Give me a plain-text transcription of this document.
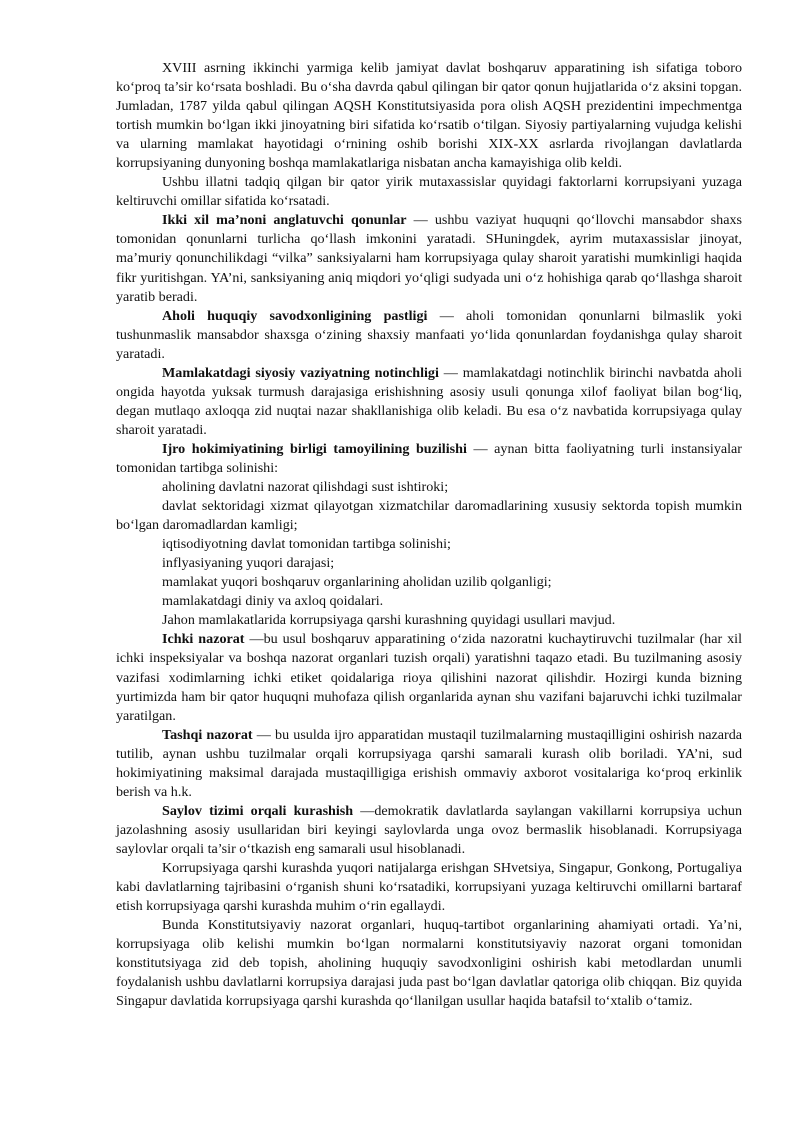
XVIII asrning ikkinchi yarmiga kelib jamiyat davlat boshqaruv apparatining ish sifatiga toboro ko‘proq ta’sir ko‘rsata boshladi. Bu o‘sha davrda qabul qilingan bir qator qonun hujjatlarida o‘z aksini topgan. Jumladan, 1787 yilda qabul qilingan AQSH Konstitutsiyasida pora olish AQSH prezidentini impechmentga tortish mumkin bo‘lgan ikki jinoyatning biri sifatida ko‘rsatib o‘tilgan. Siyosiy partiyalarning vujudga kelishi va ularning mamlakat hayotidagi o‘rnining oshib borishi XIX-XX asrlarda rivojlangan davlatlarda korrupsiyaning dunyoning boshqa mamlakatlariga nisbatan ancha kamayishiga olib keldi.

Ushbu illatni tadqiq qilgan bir qator yirik mutaxassislar quyidagi faktorlarni korrupsiyani yuzaga keltiruvchi omillar sifatida ko‘rsatadi.

Ikki xil ma’noni anglatuvchi qonunlar — ushbu vaziyat huquqni qo‘llovchi mansabdor shaxs tomonidan qonunlarni turlicha qo‘llash imkonini yaratadi. SHuningdek, ayrim mutaxassislar jinoyat, ma’muriy qonunchilikdagi “vilka” sanksiyalarni ham korrupsiyaga qulay sharoit yaratishi mumkinligi haqida fikr yuritishgan. YA’ni, sanksiyaning aniq miqdori yo‘qligi sudyada uni o‘z hohishiga qarab qo‘llashga sharoit yaratib beradi.

Aholi huquqiy savodxonligining pastligi — aholi tomonidan qonunlarni bilmaslik yoki tushunmaslik mansabdor shaxsga o‘zining shaxsiy manfaati yo‘lida qonunlardan foydanishga qulay sharoit yaratadi.

Mamlakatdagi siyosiy vaziyatning notinchligi — mamlakatdagi notinchlik birinchi navbatda aholi ongida hayotda yuksak turmush darajasiga erishishning asosiy usuli qonunga xilof faoliyat bilan bog‘liq, degan mutlaqo axloqqa zid nuqtai nazar shakllanishiga olib keladi. Bu esa o‘z navbatida korrupsiyaga qulay sharoit yaratadi.

Ijro hokimiyatining birligi tamoyilining buzilishi — aynan bitta faoliyatning turli instansiyalar tomonidan tartibga solinishi:

aholining davlatni nazorat qilishdagi sust ishtiroki;

davlat sektoridagi xizmat qilayotgan xizmatchilar daromadlarining xususiy sektorda topish mumkin bo‘lgan daromadlardan kamligi;

iqtisodiyotning davlat tomonidan tartibga solinishi;

inflyasiyaning yuqori darajasi;

mamlakat yuqori boshqaruv organlarining aholidan uzilib qolganligi;

mamlakatdagi diniy va axloq qoidalari.

Jahon mamlakatlarida korrupsiyaga qarshi kurashning quyidagi usullari mavjud.

Ichki nazorat —bu usul boshqaruv apparatining o‘zida nazoratni kuchaytiruvchi tuzilmalar (har xil ichki inspeksiyalar va boshqa nazorat organlari tuzish orqali) yaratishni taqazo etadi. Bu tuzilmaning asosiy vazifasi xodimlarning ichki etiket qoidalariga rioya qilishini nazorat qilishdir. Hozirgi kunda bizning yurtimizda ham bir qator huquqni muhofaza qilish organlarida aynan shu vazifani bajaruvchi ichki tuzilmalar yaratilgan.

Tashqi nazorat — bu usulda ijro apparatidan mustaqil tuzilmalarning mustaqilligini oshirish nazarda tutilib, aynan ushbu tuzilmalar orqali korrupsiyaga qarshi samarali kurash olib boriladi. YA’ni, sud hokimiyatining maksimal darajada mustaqilligiga erishish ommaviy axborot vositalariga ko‘proq erkinlik berish va h.k.

Saylov tizimi orqali kurashish —demokratik davlatlarda saylangan vakillarni korrupsiya uchun jazolashning asosiy usullaridan biri keyingi saylovlarda unga ovoz bermaslik hisoblanadi. Korrupsiyaga saylovlar orqali ta’sir o‘tkazish eng samarali usul hisoblanadi.

Korrupsiyaga qarshi kurashda yuqori natijalarga erishgan SHvetsiya, Singapur, Gonkong, Portugaliya kabi davlatlarning tajribasini o‘rganish shuni ko‘rsatadiki, korrupsiyani yuzaga keltiruvchi omillarni bartaraf etish korrupsiyaga qarshi kurashda muhim o‘rin egallaydi.

Bunda Konstitutsiyaviy nazorat organlari, huquq-tartibot organlarining ahamiyati ortadi. Ya’ni, korrupsiyaga olib kelishi mumkin bo‘lgan normalarni konstitutsiyaviy nazorat organi tomonidan konstitutsiyaga zid deb topish, aholining huquqiy savodxonligini oshirish kabi metodlardan unumli foydalanish ushbu davlatlarni korrupsiya darajasi juda past bo‘lgan davlatlar qatoriga olib chiqqan. Biz quyida Singapur davlatida korrupsiyaga qarshi kurashda qo‘llanilgan usullar haqida batafsil to‘xtalib o‘tamiz.
